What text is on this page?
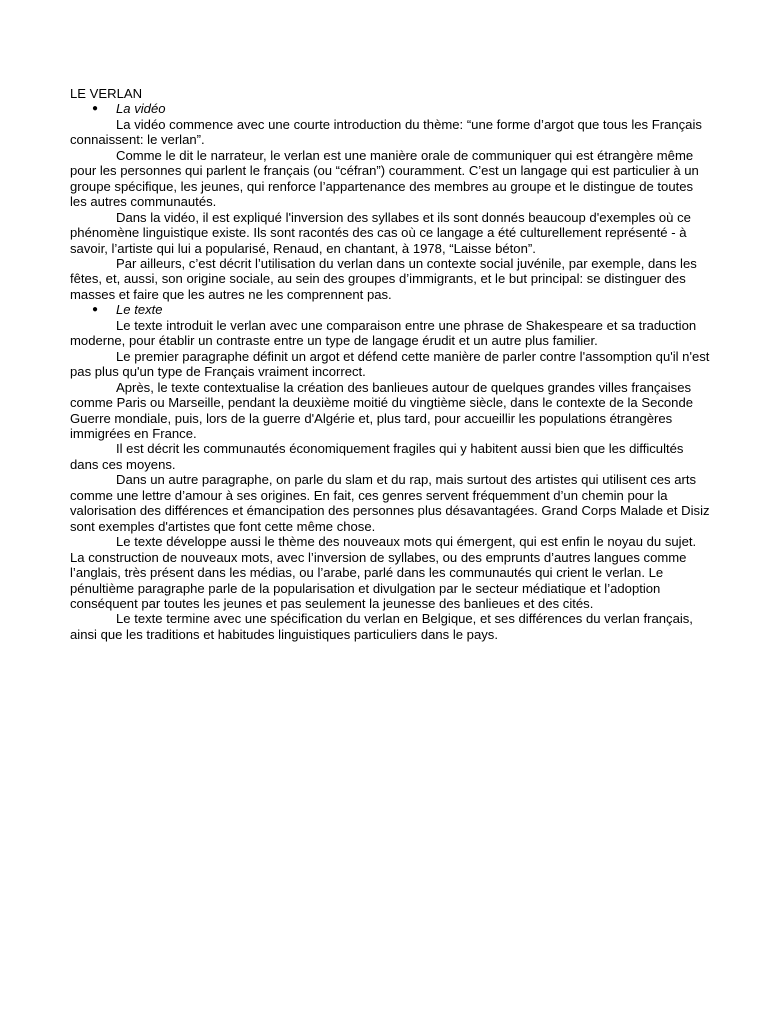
LE VERLAN
● La vidéo

La vidéo commence avec une courte introduction du thème: “une forme d’argot que tous les Français connaissent: le verlan”.

Comme le dit le narrateur, le verlan est une manière orale de communiquer qui est étrangère même pour les personnes qui parlent le français (ou “céfran”) couramment. C’est un langage qui est particulier à un groupe spécifique, les jeunes, qui renforce l’appartenance des membres au groupe et le distingue de toutes les autres communautés.

Dans la vidéo, il est expliqué l'inversion des syllabes et ils sont donnés beaucoup d'exemples où ce phénomène linguistique existe. Ils sont racontés des cas où ce langage a été culturellement représenté - à savoir, l’artiste qui lui a popularisé, Renaud, en chantant, à 1978, “Laisse béton”.

Par ailleurs, c’est décrit l’utilisation du verlan dans un contexte social juvénile, par exemple, dans les fêtes, et, aussi, son origine sociale, au sein des groupes d’immigrants, et le but principal: se distinguer des masses et faire que les autres ne les comprennent pas.

● Le texte

Le texte introduit le verlan avec une comparaison entre une phrase de Shakespeare et sa traduction moderne, pour établir un contraste entre un type de langage érudit et un autre plus familier.

Le premier paragraphe définit un argot et défend cette manière de parler contre l'assomption qu'il n'est pas plus qu'un type de Français vraiment incorrect.

Après, le texte contextualise la création des banlieues autour de quelques grandes villes françaises comme Paris ou Marseille, pendant la deuxième moitié du vingtième siècle, dans le contexte de la Seconde Guerre mondiale, puis, lors de la guerre d'Algérie et, plus tard, pour accueillir les populations étrangères immigrées en France.

Il est décrit les communautés économiquement fragiles qui y habitent aussi bien que les difficultés dans ces moyens.

Dans un autre paragraphe, on parle du slam et du rap, mais surtout des artistes qui utilisent ces arts comme une lettre d’amour à ses origines. En fait, ces genres servent fréquemment d’un chemin pour la valorisation des différences et émancipation des personnes plus désavantagées. Grand Corps Malade et Disiz sont exemples d'artistes que font cette même chose.

Le texte développe aussi le thème des nouveaux mots qui émergent, qui est enfin le noyau du sujet. La construction de nouveaux mots, avec l’inversion de syllabes, ou des emprunts d’autres langues comme l’anglais, très présent dans les médias, ou l’arabe, parlé dans les communautés qui crient le verlan. Le pénultième paragraphe parle de la popularisation et divulgation par le secteur médiatique et l’adoption conséquent par toutes les jeunes et pas seulement la jeunesse des banlieues et des cités.

Le texte termine avec une spécification du verlan en Belgique, et ses différences du verlan français, ainsi que les traditions et habitudes linguistiques particuliers dans le pays.
